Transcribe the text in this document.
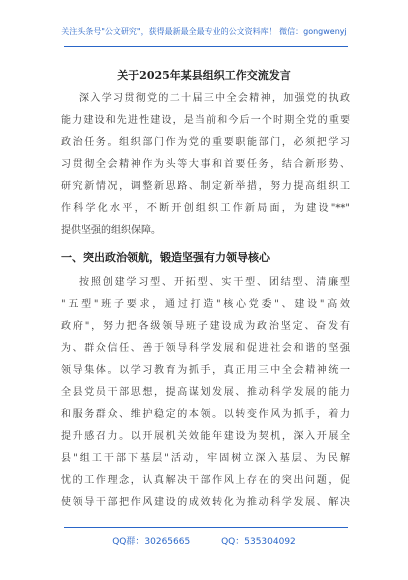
关注头条号"公文研究"，获得最新最全最专业的公文资料库！ 微信：gongwenyj
关于2025年某县组织工作交流发言
深入学习贯彻党的二十届三中全会精神，加强党的执政
能力建设和先进性建设，是当前和今后一个时期全党的重要
政治任务。组织部门作为党的重要职能部门，必须把学习
习贯彻全会精神作为头等大事和首要任务，结合新形势、
研究新情况，调整新思路、制定新举措，努力提高组织工
作科学化水平，不断开创组织工作新局面，为建设"**"
提供坚强的组织保障。
一、突出政治领航，锻造坚强有力领导核心
按照创建学习型、开拓型、实干型、团结型、清廉型
"五型"班子要求，通过打造"核心党委"、建设"高效
政府"，努力把各级领导班子建设成为政治坚定、奋发有
为、群众信任、善于领导科学发展和促进社会和谐的坚强
领导集体。以学习教育为抓手，真正用三中全会精神统一
全县党员干部思想，提高谋划发展、推动科学发展的能力
和服务群众、维护稳定的本领。以转变作风为抓手，着力
提升感召力。以开展机关效能年建设为契机，深入开展全
县"组工干部下基层"活动，牢固树立深入基层、为民解
忧的工作理念，认真解决干部作风上存在的突出问题，促
使领导干部把作风建设的成效转化为推动科学发展、解决
QQ群：30265665	QQ：535304092
